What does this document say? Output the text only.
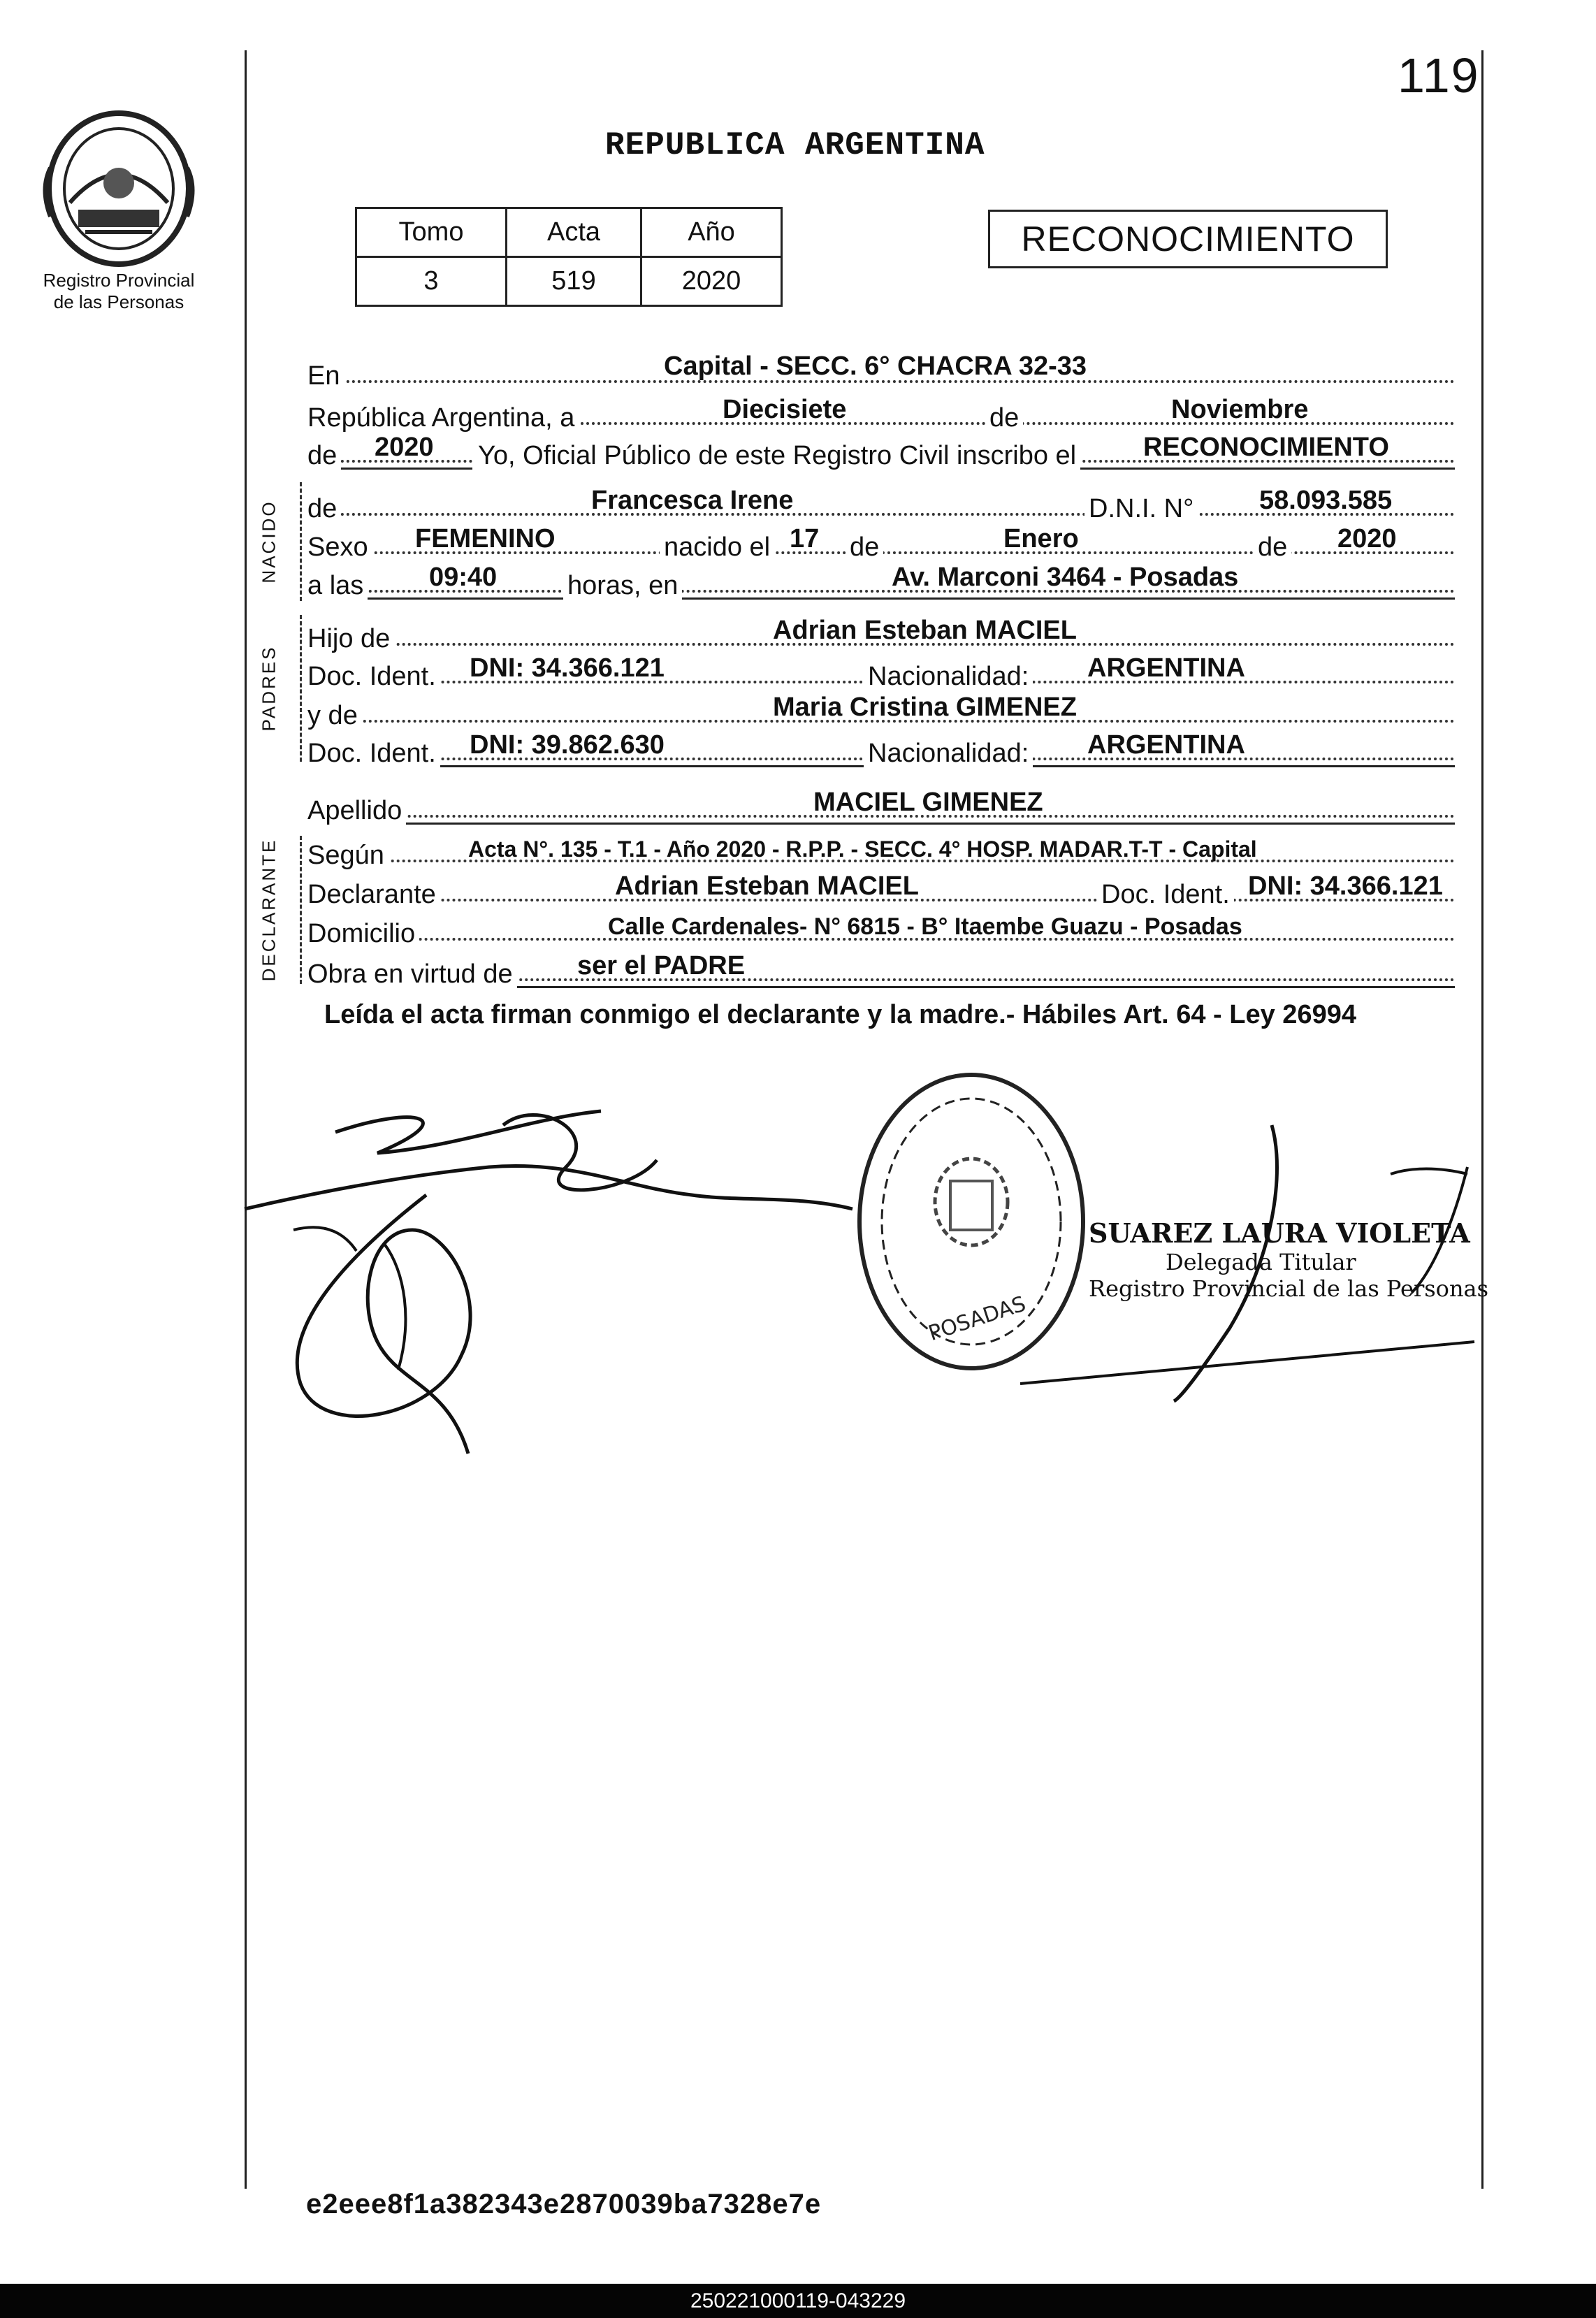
119
Registro Provincial
de las Personas
REPUBLICA ARGENTINA
Tomo	Acta	Año
3	519	2020
RECONOCIMIENTO
En	Capital - SECC. 6° CHACRA 32-33
República Argentina, a	Diecisiete	de	Noviembre
de 2020 Yo, Oficial Público de este Registro Civil inscribo el	RECONOCIMIENTO
NACIDO de	Francesca Irene	D.N.I. N° 58.093.585
Sexo FEMENINO	nacido el 17 de	Enero	de 2020
a las 09:40	horas, en	Av. Marconi 3464 - Posadas
PADRES
Hijo de	Adrian Esteban MACIEL
Doc. Ident. DNI: 34.366.121	Nacionalidad: ARGENTINA
y de	Maria Cristina GIMENEZ
Doc. Ident. DNI: 39.862.630	Nacionalidad: ARGENTINA
Apellido	MACIEL GIMENEZ
DECLARANTE Según	Acta N°. 135 - T.1 - Año 2020 - R.P.P. - SECC. 4° HOSP. MADAR.T-T - Capital
Declarante	Adrian Esteban MACIEL	Doc. Ident. DNI: 34.366.121
Domicilio	Calle Cardenales- N° 6815 - B° Itaembe Guazu - Posadas
Obra en virtud de ser el PADRE
Leída el acta firman conmigo el declarante y la madre.- Hábiles Art. 64 - Ley 26994
POSADAS
SUAREZ LAURA VIOLETA
Delegada Titular
Registro Provincial de las Personas
e2eee8f1a382343e2870039ba7328e7e
250221000119-043229
